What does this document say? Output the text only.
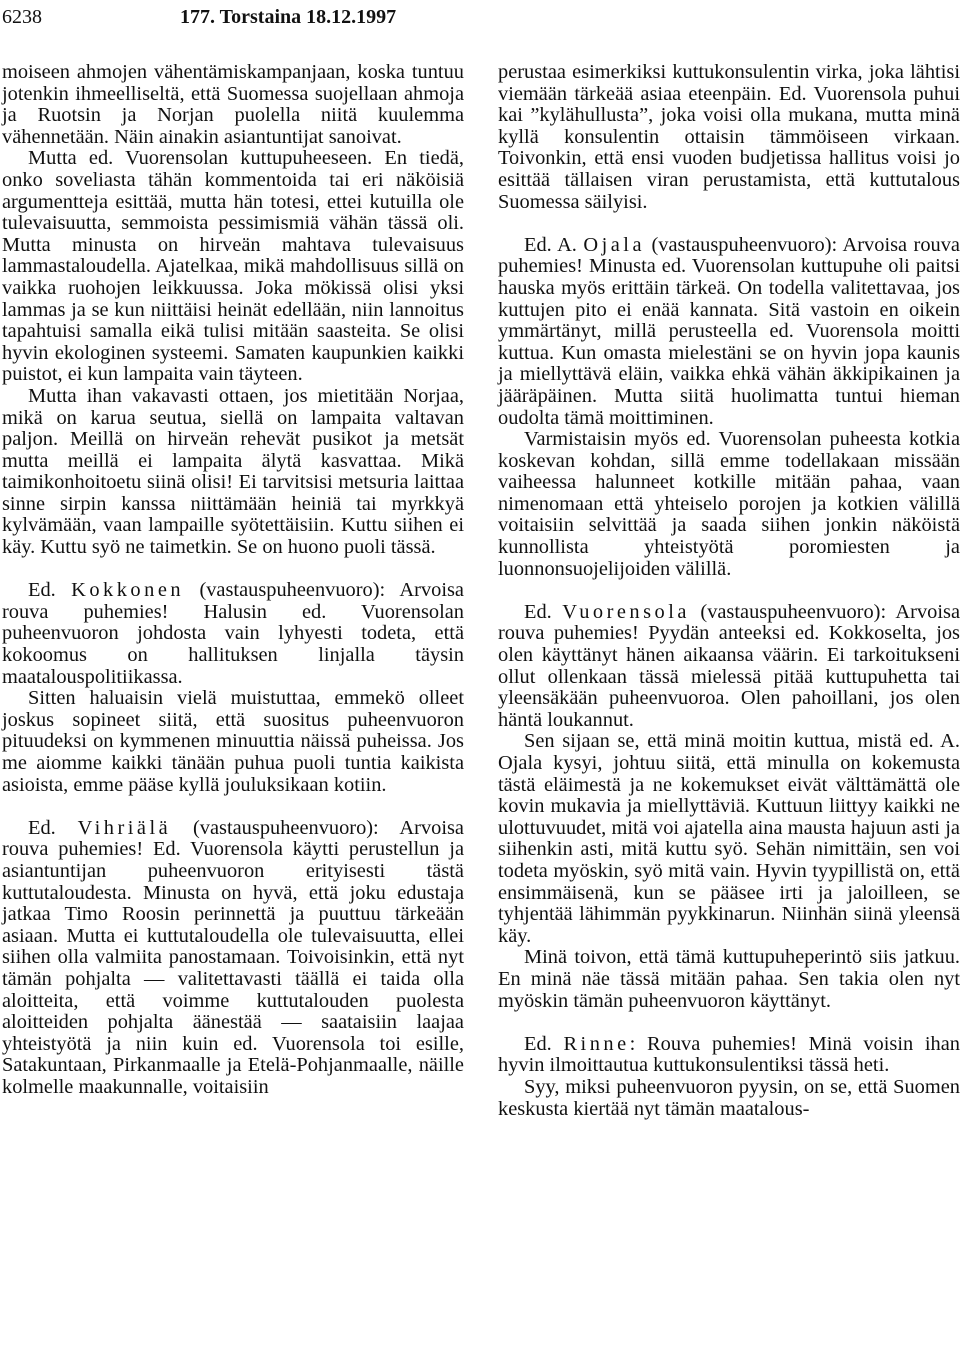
6238	177. Torstaina 18.12.1997

moiseen ahmojen vähentämiskampanjaan, koska tuntuu jotenkin ihmeelliseltä, että Suomessa suojellaan ahmoja ja Ruotsin ja Norjan puolella niitä kuulemma vähennetään. Näin ainakin asiantuntijat sanoivat.

Mutta ed. Vuorensolan kuttupuheeseen. En tiedä, onko soveliasta tähän kommentoida tai eri näköisiä argumentteja esittää, mutta hän totesi, ettei kutuilla ole tulevaisuutta, semmoista pessimismiä vähän tässä oli. Mutta minusta on hirveän mahtava tulevaisuus lammastaloudella. Ajatelkaa, mikä mahdollisuus sillä on vaikka ruohojen leikkuussa. Joka mökissä olisi yksi lammas ja se kun niittäisi heinät edellään, niin lannoitus tapahtuisi samalla eikä tulisi mitään saasteita. Se olisi hyvin ekologinen systeemi. Samaten kaupunkien kaikki puistot, ei kun lampaita vain täyteen.

Mutta ihan vakavasti ottaen, jos mietitään Norjaa, mikä on karua seutua, siellä on lampaita valtavan paljon. Meillä on hirveän rehevät pusikot ja metsät mutta meillä ei lampaita älytä kasvattaa. Mikä taimikonhoitoetu siinä olisi! Ei tarvitsisi metsuria laittaa sinne sirpin kanssa niittämään heiniä tai myrkkyä kylvämään, vaan lampaille syötettäisiin. Kuttu siihen ei käy. Kuttu syö ne taimetkin. Se on huono puoli tässä.

Ed. Kokkonen (vastauspuheenvuoro): Arvoisa rouva puhemies! Halusin ed. Vuorensolan puheenvuoron johdosta vain lyhyesti todeta, että kokoomus on hallituksen linjalla täysin maatalouspolitiikassa.

Sitten haluaisin vielä muistuttaa, emmekö olleet joskus sopineet siitä, että suositus puheenvuoron pituudeksi on kymmenen minuuttia näissä puheissa. Jos me aiomme kaikki tänään puhua puoli tuntia kaikista asioista, emme pääse kyllä jouluksikaan kotiin.

Ed. Vihriälä (vastauspuheenvuoro): Arvoisa rouva puhemies! Ed. Vuorensola käytti perustellun ja asiantuntijan puheenvuoron erityisesti tästä kuttutaloudesta. Minusta on hyvä, että joku edustaja jatkaa Timo Roosin perinnettä ja puuttuu tärkeään asiaan. Mutta ei kuttutaloudella ole tulevaisuutta, ellei siihen olla valmiita panostamaan. Toivoisinkin, että nyt tämän pohjalta — valitettavasti täällä ei taida olla aloitteita, että voimme kuttutalouden puolesta aloitteiden pohjalta äänestää — saataisiin laajaa yhteistyötä ja niin kuin ed. Vuorensola toi esille, Satakuntaan, Pirkanmaalle ja Etelä-Pohjanmaalle, näille kolmelle maakunnalle, voitaisiin

perustaa esimerkiksi kuttukonsulentin virka, joka lähtisi viemään tärkeää asiaa eteenpäin. Ed. Vuorensola puhui kai ”kylähullusta”, joka voisi olla mukana, mutta minä kyllä konsulentin ottaisin tämmöiseen virkaan. Toivonkin, että ensi vuoden budjetissa hallitus voisi jo esittää tällaisen viran perustamista, että kuttutalous Suomessa säilyisi.

Ed. A. Ojala (vastauspuheenvuoro): Arvoisa rouva puhemies! Minusta ed. Vuorensolan kuttupuhe oli paitsi hauska myös erittäin tärkeä. On todella valitettavaa, jos kuttujen pito ei enää kannata. Sitä vastoin en oikein ymmärtänyt, millä perusteella ed. Vuorensola moitti kuttua. Kun omasta mielestäni se on hyvin jopa kaunis ja miellyttävä eläin, vaikka ehkä vähän äkkipikainen ja jääräpäinen. Mutta siitä huolimatta tuntui hieman oudolta tämä moittiminen.

Varmistaisin myös ed. Vuorensolan puheesta kotkia koskevan kohdan, sillä emme todellakaan missään vaiheessa halunneet kotkille mitään pahaa, vaan nimenomaan että yhteiselo porojen ja kotkien välillä voitaisiin selvittää ja saada siihen jonkin näköistä kunnollista yhteistyötä poromiesten ja luonnonsuojelijoiden välillä.

Ed. Vuorensola (vastauspuheenvuoro): Arvoisa rouva puhemies! Pyydän anteeksi ed. Kokkoselta, jos olen käyttänyt hänen aikaansa väärin. Ei tarkoitukseni ollut ollenkaan tässä mielessä pitää kuttupuhetta tai yleensäkään puheenvuoroa. Olen pahoillani, jos olen häntä loukannut.

Sen sijaan se, että minä moitin kuttua, mistä ed. A. Ojala kysyi, johtuu siitä, että minulla on kokemusta tästä eläimestä ja ne kokemukset eivät välttämättä ole kovin mukavia ja miellyttäviä. Kuttuun liittyy kaikki ne ulottuvuudet, mitä voi ajatella aina mausta hajuun asti ja siihenkin asti, mitä kuttu syö. Sehän nimittäin, sen voi todeta myöskin, syö mitä vain. Hyvin tyypillistä on, että ensimmäisenä, kun se pääsee irti ja jaloilleen, se tyhjentää lähimmän pyykkinarun. Niinhän siinä yleensä käy.

Minä toivon, että tämä kuttupuheperintö siis jatkuu. En minä näe tässä mitään pahaa. Sen takia olen nyt myöskin tämän puheenvuoron käyttänyt.

Ed. Rinne: Rouva puhemies! Minä voisin ihan hyvin ilmoittautua kuttukonsulentiksi tässä heti.

Syy, miksi puheenvuoron pyysin, on se, että Suomen keskusta kiertää nyt tämän maatalous-
